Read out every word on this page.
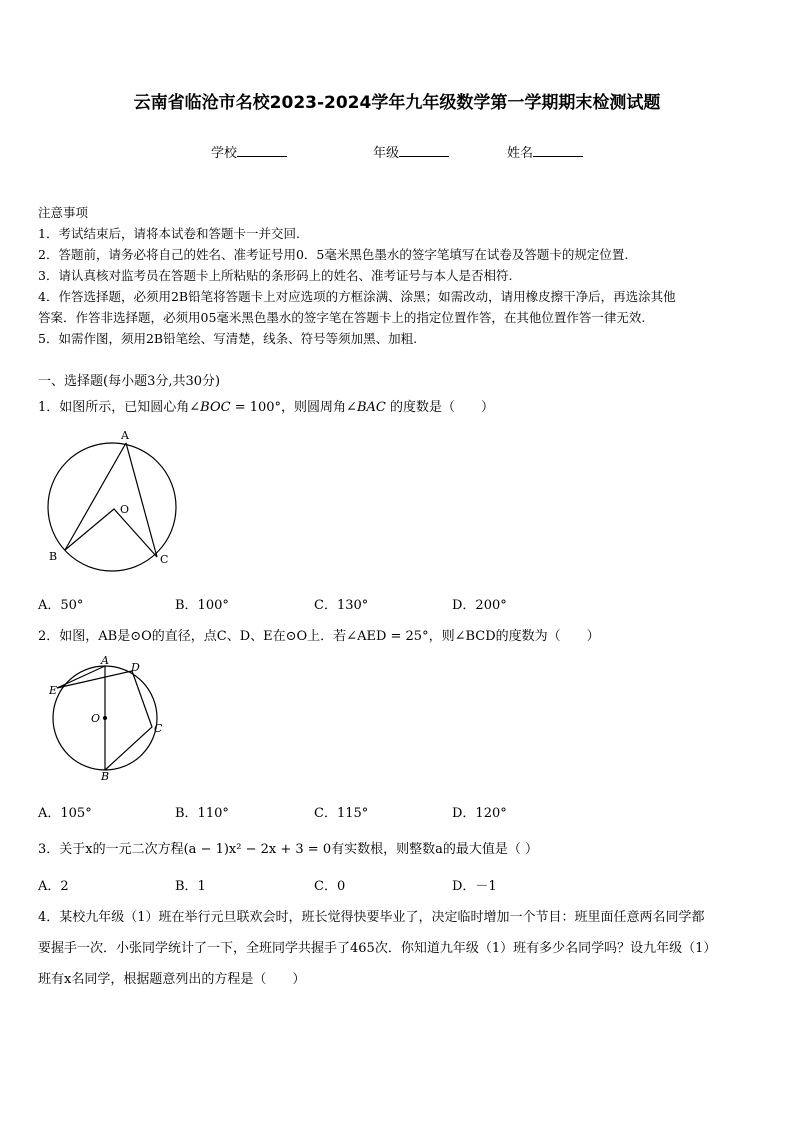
云南省临沧市名校2023-2024学年九年级数学第一学期期末检测试题
学校	年级	姓名
注意事项
1．考试结束后，请将本试卷和答题卡一并交回.
2．答题前，请务必将自己的姓名、准考证号用0．5毫米黑色墨水的签字笔填写在试卷及答题卡的规定位置.
3．请认真核对监考员在答题卡上所粘贴的条形码上的姓名、准考证号与本人是否相符.
4．作答选择题，必须用2B铅笔将答题卡上对应选项的方框涂满、涂黑；如需改动，请用橡皮擦干净后，再选涂其他
答案．作答非选择题，必须用05毫米黑色墨水的签字笔在答题卡上的指定位置作答，在其他位置作答一律无效.
5．如需作图，须用2B铅笔绘、写清楚，线条、符号等须加黑、加粗.
一、选择题(每小题3分,共30分)
1．如图所示，已知圆心角∠BOC = 100°，则圆周角∠BAC 的度数是（　　）
A
B	C
O
A．50°	B．100°	C．130°	D．200°
2．如图，AB是⊙O的直径，点C、D、E在⊙O上．若∠AED = 25°，则∠BCD的度数为（　　）
A
D
E
O
C
B
A．105°	B．110°	C．115°	D．120°
3．关于x的一元二次方程(a − 1)x² − 2x + 3 = 0有实数根，则整数a的最大值是（ ）
A．2	B．1	C．0	D．－1
4．某校九年级（1）班在举行元旦联欢会时，班长觉得快要毕业了，决定临时增加一个节目：班里面任意两名同学都
要握手一次．小张同学统计了一下，全班同学共握手了465次．你知道九年级（1）班有多少名同学吗？设九年级（1）
班有x名同学，根据题意列出的方程是（　　）
